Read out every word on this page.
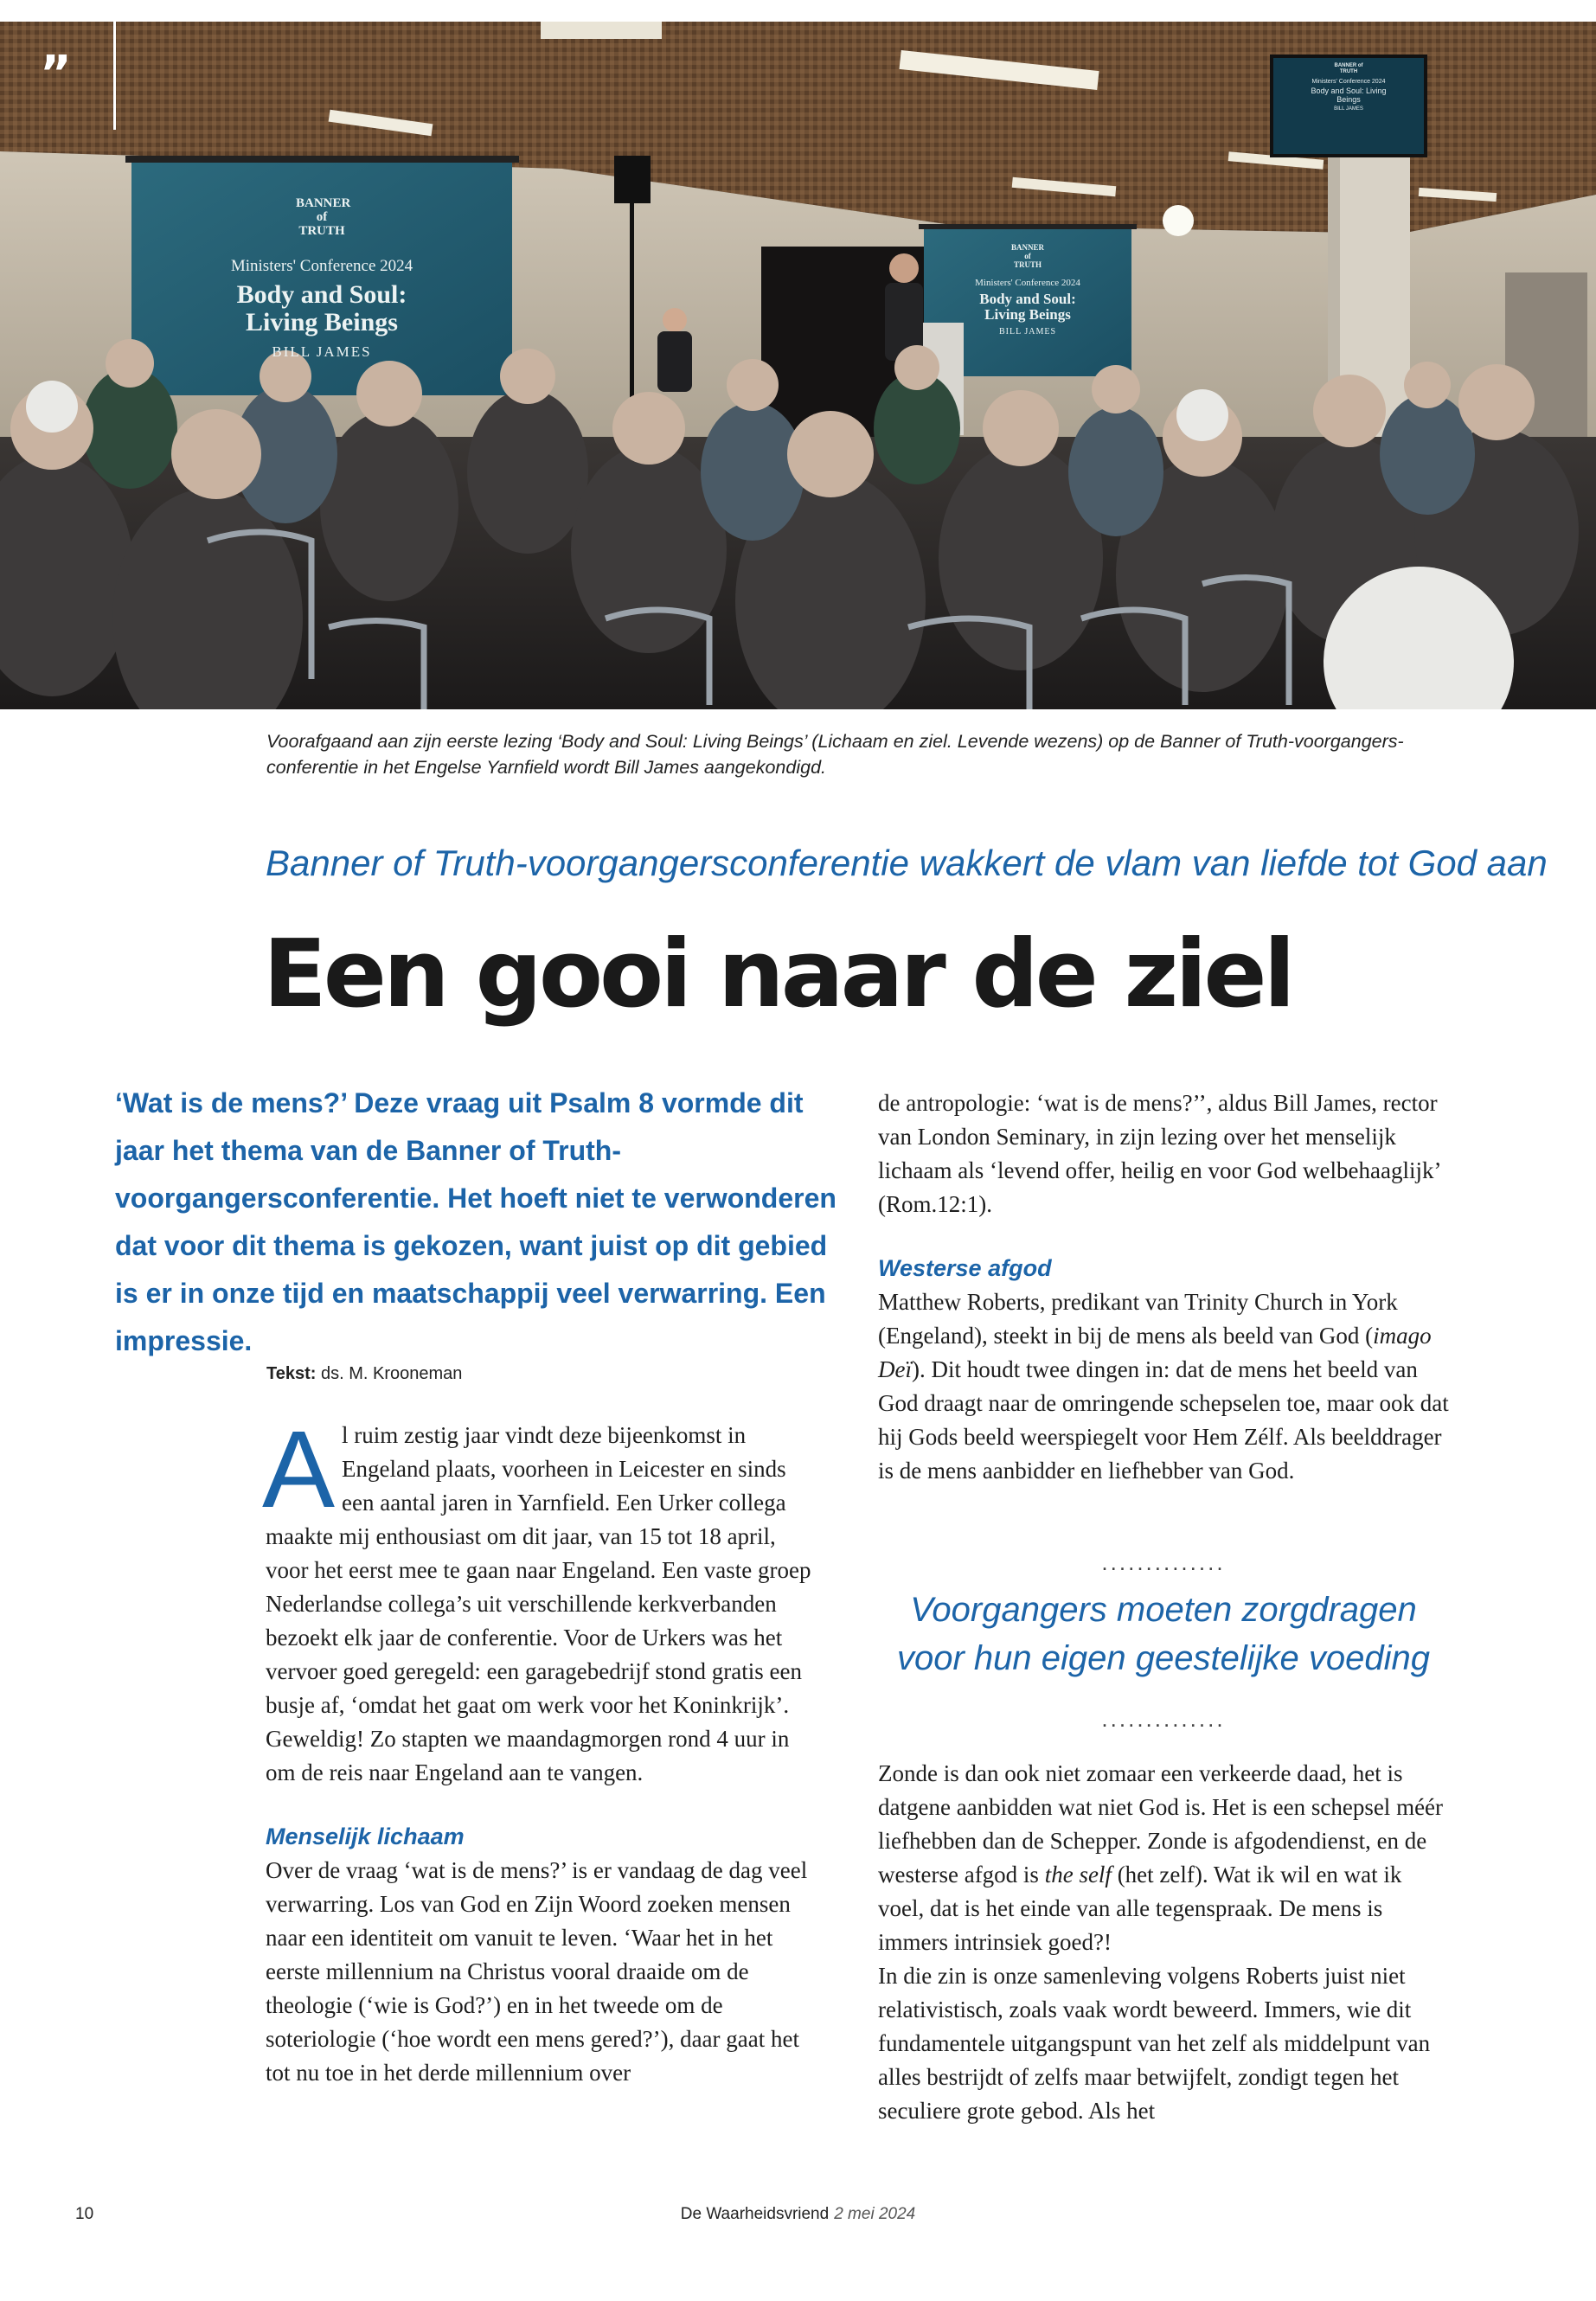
BANNER of TRUTH
Ministers' Conference 2024
Body and Soul: Living Beings
BILL JAMES
BANNER of TRUTH
Ministers' Conference 2024
Body and Soul: Living Beings
BILL JAMES
BANNER of TRUTH
Ministers' Conference 2024
Body and Soul: Living Beings
BILL JAMES
”
Voorafgaand aan zijn eerste lezing ‘Body and Soul: Living Beings’ (Lichaam en ziel. Levende wezens) op de Banner of Truth-voorgangers-conferentie in het Engelse Yarnfield wordt Bill James aangekondigd.
Banner of Truth-voorgangersconferentie wakkert de vlam van liefde tot God aan
Een gooi naar de ziel

‘Wat is de mens?’ Deze vraag uit Psalm 8 vormde dit jaar het thema van de Banner of Truth-voorgangersconferentie. Het hoeft niet te verwonderen dat voor dit thema is gekozen, want juist op dit gebied is er in onze tijd en maatschappij veel verwarring. Een impressie.

Tekst: ds. M. Krooneman

Al ruim zestig jaar vindt deze bijeenkomst in Engeland plaats, voorheen in Leicester en sinds een aantal jaren in Yarnfield. Een Urker collega maakte mij enthousiast om dit jaar, van 15 tot 18 april, voor het eerst mee te gaan naar Engeland. Een vaste groep Nederlandse collega’s uit verschillende kerkverbanden bezoekt elk jaar de conferentie. Voor de Urkers was het vervoer goed geregeld: een garagebedrijf stond gratis een busje af, ‘omdat het gaat om werk voor het Koninkrijk’. Geweldig! Zo stapten we maandagmorgen rond 4 uur in om de reis naar Engeland aan te vangen.

Menselijk lichaam

Over de vraag ‘wat is de mens?’ is er vandaag de dag veel verwarring. Los van God en Zijn Woord zoeken mensen naar een identiteit om vanuit te leven. ‘Waar het in het eerste millennium na Christus vooral draaide om de theologie (‘wie is God?’) en in het tweede om de soteriologie (‘hoe wordt een mens gered?’), daar gaat het tot nu toe in het derde millennium over

de antropologie: ‘wat is de mens?’’, aldus Bill James, rector van London Seminary, in zijn lezing over het menselijk lichaam als ‘levend offer, heilig en voor God welbehaaglijk’ (Rom.12:1).

Westerse afgod

Matthew Roberts, predikant van Trinity Church in York (Engeland), steekt in bij de mens als beeld van God (imago Deï). Dit houdt twee dingen in: dat de mens het beeld van God draagt naar de omringende schepselen toe, maar ook dat hij Gods beeld weerspiegelt voor Hem Zélf. Als beelddrager is de mens aanbidder en liefhebber van God.

..............

Voorgangers moeten zorgdragen

voor hun eigen geestelijke voeding

..............

Zonde is dan ook niet zomaar een verkeerde daad, het is datgene aanbidden wat niet God is. Het is een schepsel méér liefhebben dan de Schepper. Zonde is afgodendienst, en de westerse afgod is the self (het zelf). Wat ik wil en wat ik voel, dat is het einde van alle tegenspraak. De mens is immers intrinsiek goed?!

In die zin is onze samenleving volgens Roberts juist niet relativistisch, zoals vaak wordt beweerd. Immers, wie dit fundamentele uitgangspunt van het zelf als middelpunt van alles bestrijdt of zelfs maar betwijfelt, zondigt tegen het seculiere grote gebod. Als het

De Waarheidsvriend 2 mei 2024
10
